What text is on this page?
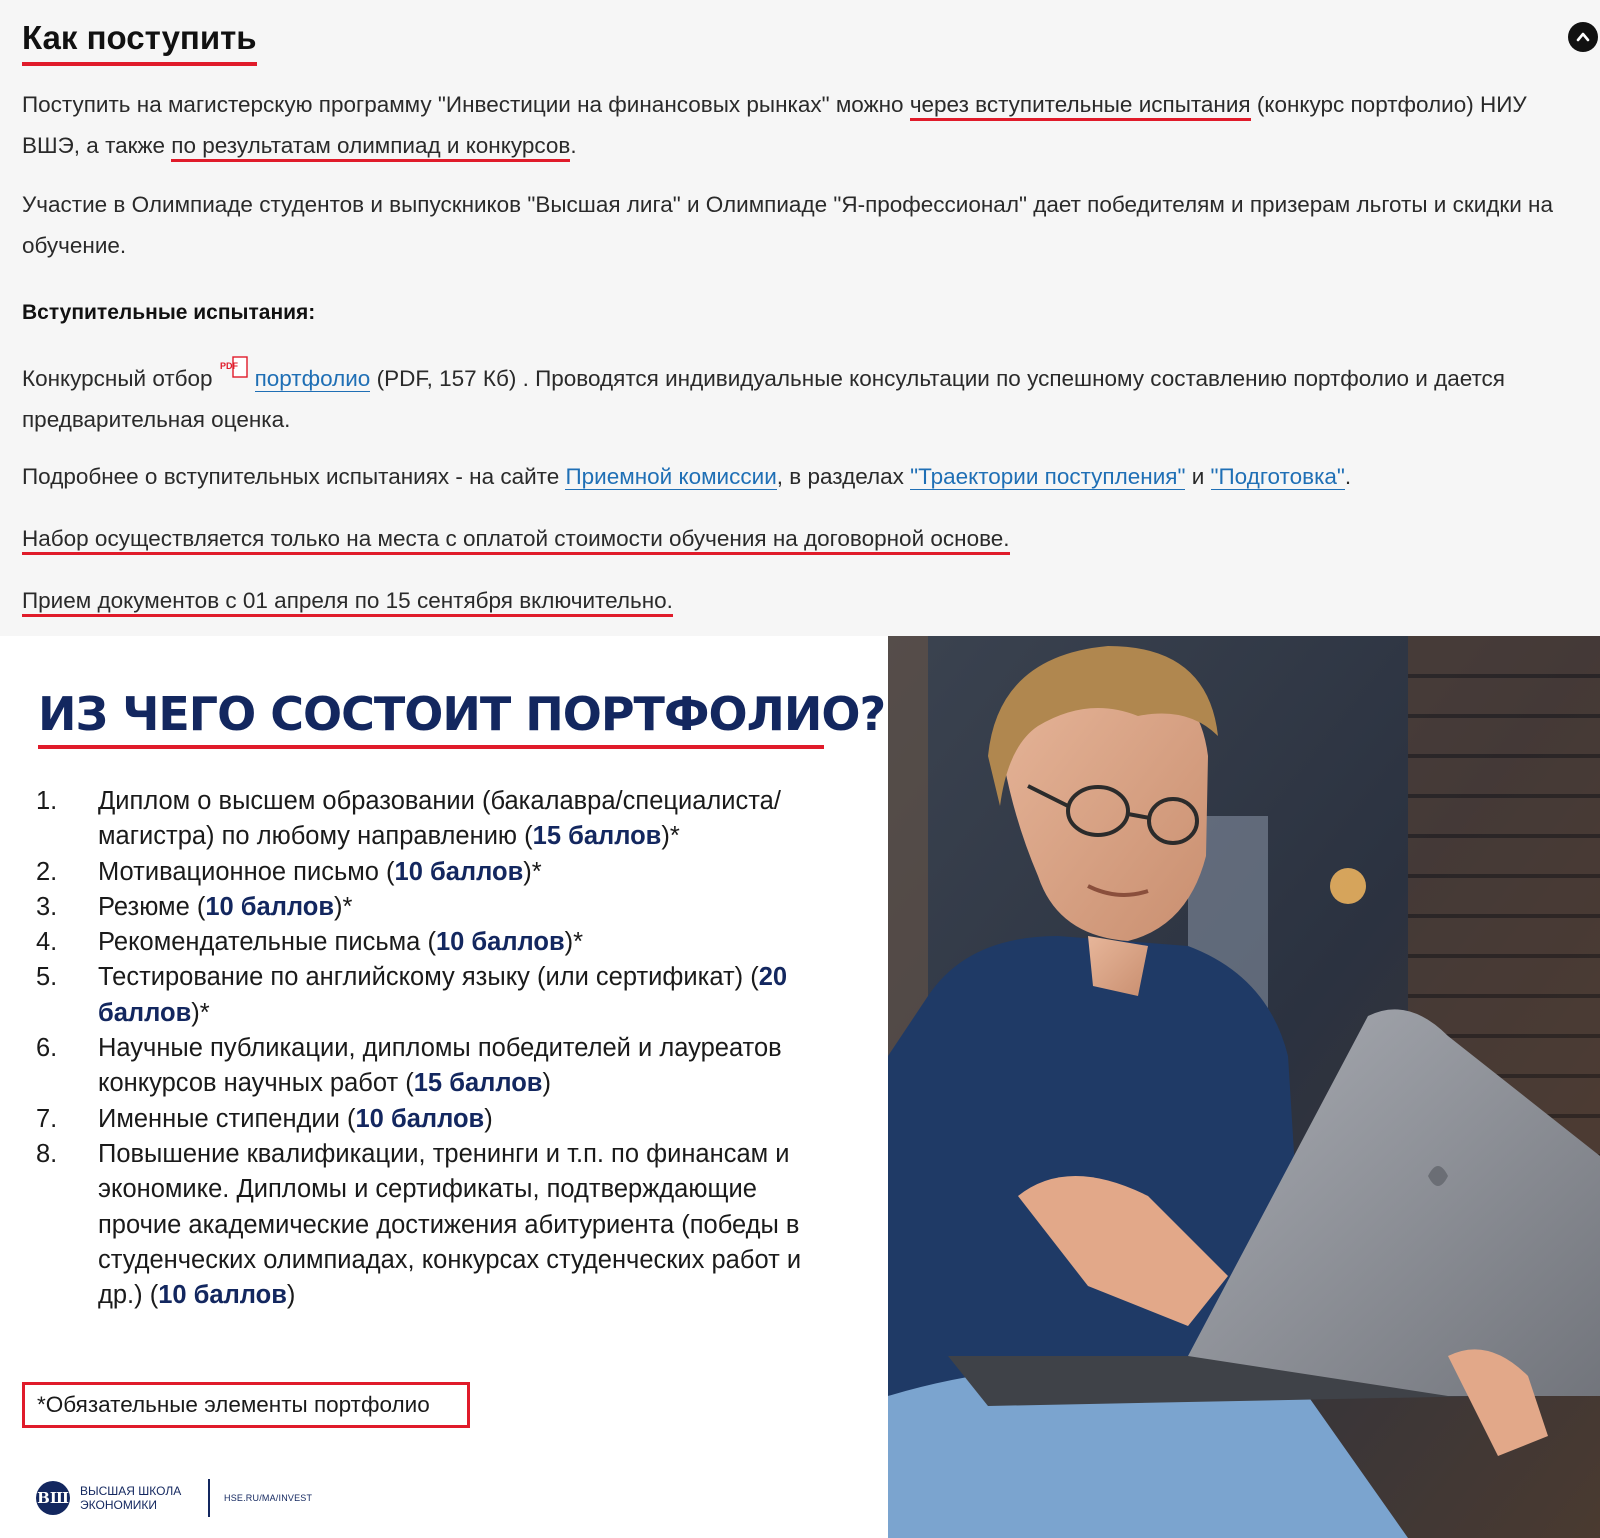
Как поступить

Поступить на магистерскую программу "Инвестиции на финансовых рынках" можно через вступительные испытания (конкурс портфолио) НИУ ВШЭ, а также по результатам олимпиад и конкурсов.

Участие в Олимпиаде студентов и выпускников "Высшая лига" и Олимпиаде "Я-профессионал" дает победителям и призерам льготы и скидки на обучение.

Вступительные испытания:

Конкурсный отбор PDF портфолио (PDF, 157 Кб) . Проводятся индивидуальные консультации по успешному составлению портфолио и дается предварительная оценка.

Подробнее о вступительных испытаниях - на сайте Приемной комиссии, в разделах "Траектории поступления" и "Подготовка".

Набор осуществляется только на места с оплатой стоимости обучения на договорной основе.

Прием документов с 01 апреля по 15 сентября включительно.

ИЗ ЧЕГО СОСТОИТ ПОРТФОЛИО?
1.	Диплом о высшем образовании (бакалавра/специалиста/магистра) по любому направлению (15 баллов)*
2.	Мотивационное письмо (10 баллов)*
3.	Резюме (10 баллов)*
4.	Рекомендательные письма (10 баллов)*
5.	Тестирование по английскому языку (или сертификат) (20 баллов)*
6.	Научные публикации, дипломы победителей и лауреатов конкурсов научных работ (15 баллов)
7.	Именные стипендии (10 баллов)
8.	Повышение квалификации, тренинги и т.п. по финансам и экономике. Дипломы и сертификаты, подтверждающие прочие академические достижения абитуриента (победы в студенческих олимпиадах, конкурсах студенческих работ и др.) (10 баллов)
*Обязательные элементы портфолио
ВШ ВЫСШАЯ ШКОЛА
ЭКОНОМИКИ	HSE.RU/MA/INVEST
